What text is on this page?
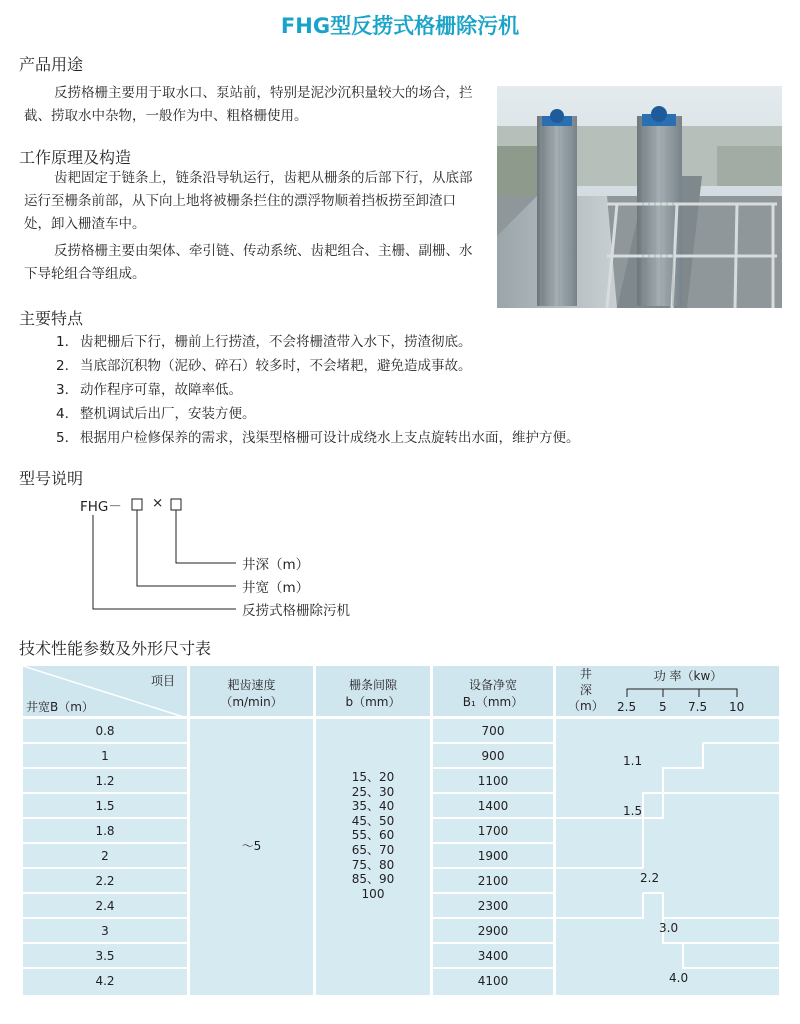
FHG型反捞式格栅除污机
产品用途

反捞格栅主要用于取水口、泵站前，特别是泥沙沉积量较大的场合，拦截、捞取水中杂物，一般作为中、粗格栅使用。

工作原理及构造

齿耙固定于链条上，链条沿导轨运行，齿耙从栅条的后部下行，从底部运行至栅条前部，从下向上地将被栅条拦住的漂浮物顺着挡板捞至卸渣口处，卸入栅渣车中。

反捞格栅主要由架体、牵引链、传动系统、齿耙组合、主栅、副栅、水下导轮组合等组成。

主要特点
1. 齿耙栅后下行，栅前上行捞渣，不会将栅渣带入水下，捞渣彻底。
2. 当底部沉积物（泥砂、碎石）较多时，不会堵耙，避免造成事故。
3. 动作程序可靠，故障率低。
4. 整机调试后出厂，安装方便。
5. 根据用户检修保养的需求，浅渠型格栅可设计成绕水上支点旋转出水面，维护方便。
型号说明
FHG－ ×
井深（m）
井宽（m）
反捞式格栅除污机
技术性能参数及外形尺寸表
项目
井宽B（m）
耙齿速度
（m/min）
栅条间隙
b（mm）
设备净宽
B₁（mm）
井
深
（m）
功 率（kw）
2.5 5 7.5 10
0.8
1
1.2
1.5
1.8
2
2.2
2.4
3
3.5
4.2
～5
15、20
25、30
35、40
45、50
55、60
65、70
75、80
85、90
100
700
900
1100
1400
1700
1900
2100
2300
2900
3400
4100
1.1
1.5
2.2
3.0
4.0
